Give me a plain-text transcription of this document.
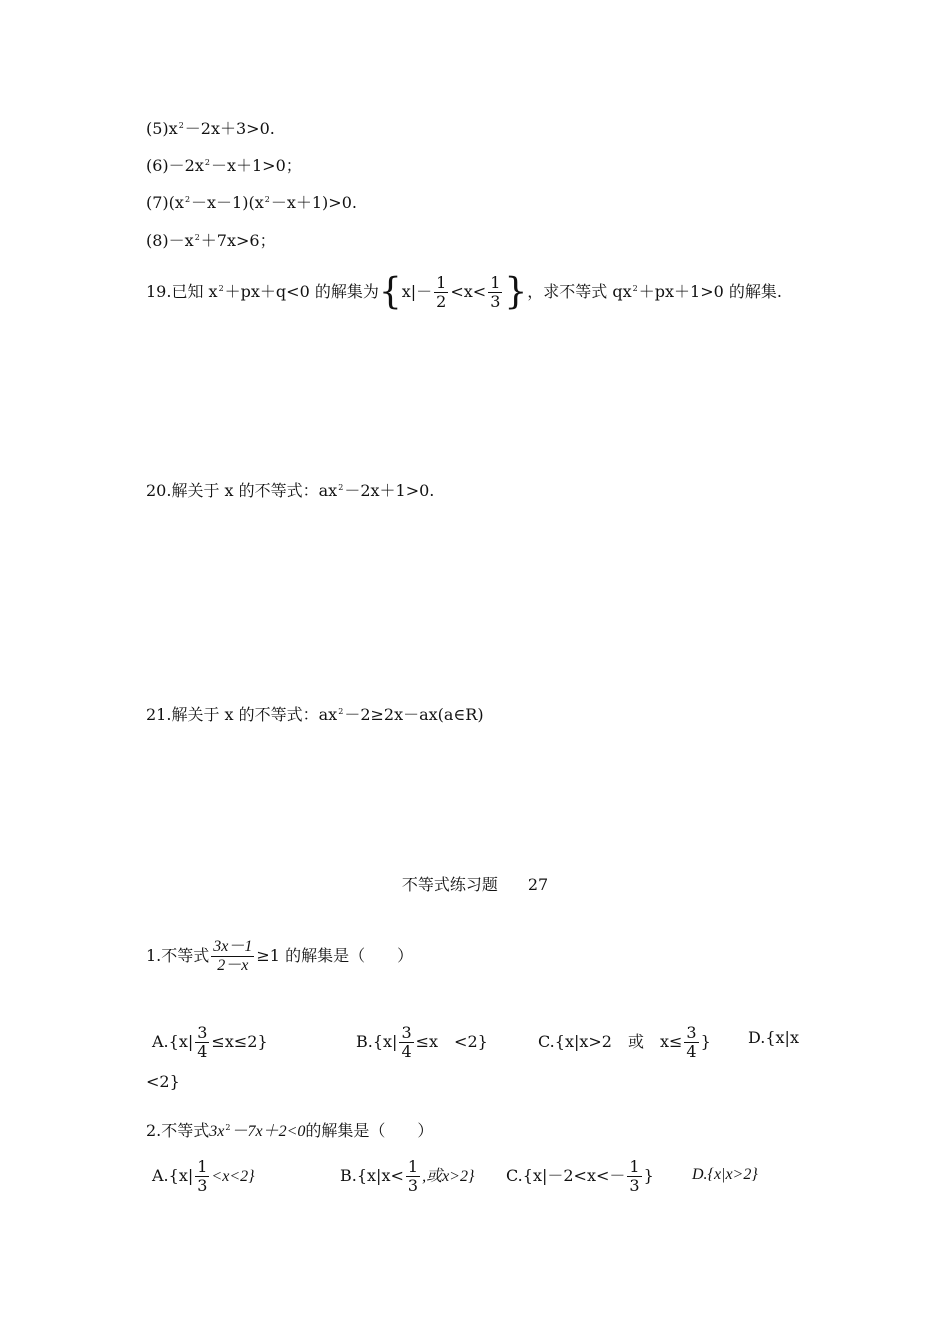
$(5)x^2-2x+3>0$.
$(6)-2x^2-x+1>0$；
$(7)(x^2-x-1)(x^2-x+1)>0$.
$(8)-x^2+7x>6$；
19.已知 $x^2+px+q<0$ 的解集为{$x|- \frac{1}{2} <x< \frac{1}{3}$ }，求不等式 $qx^2+px+1>0$ 的解集.
20.解关于 x 的不等式：$ax^2-2x+1>0$.
21.解关于 x 的不等式：$ax^2-2\ge 2x-ax(a\in R)$
不等式练习题 27
1.不等式 $\frac{3x-1}{2-x} \ge 1$ 的解集是（　　）
$A.\{x| \frac{3}{4} \le x\le 2\}$	$B.\{x| \frac{3}{4} \le x$　<2}	C.{x|x>2　或　$x\le \frac{3}{4}$ } D.{x|x
<2}
2.不等式$3x^2-7x+2<0$的解集是（　　）
$A.\{x| \frac{1}{3} <x<2\}$	$B.\{x|x< \frac{1}{3}$ ,或x>2} $C.\{x|-2<x<- \frac{1}{3}$ } D.{x|x>2}
